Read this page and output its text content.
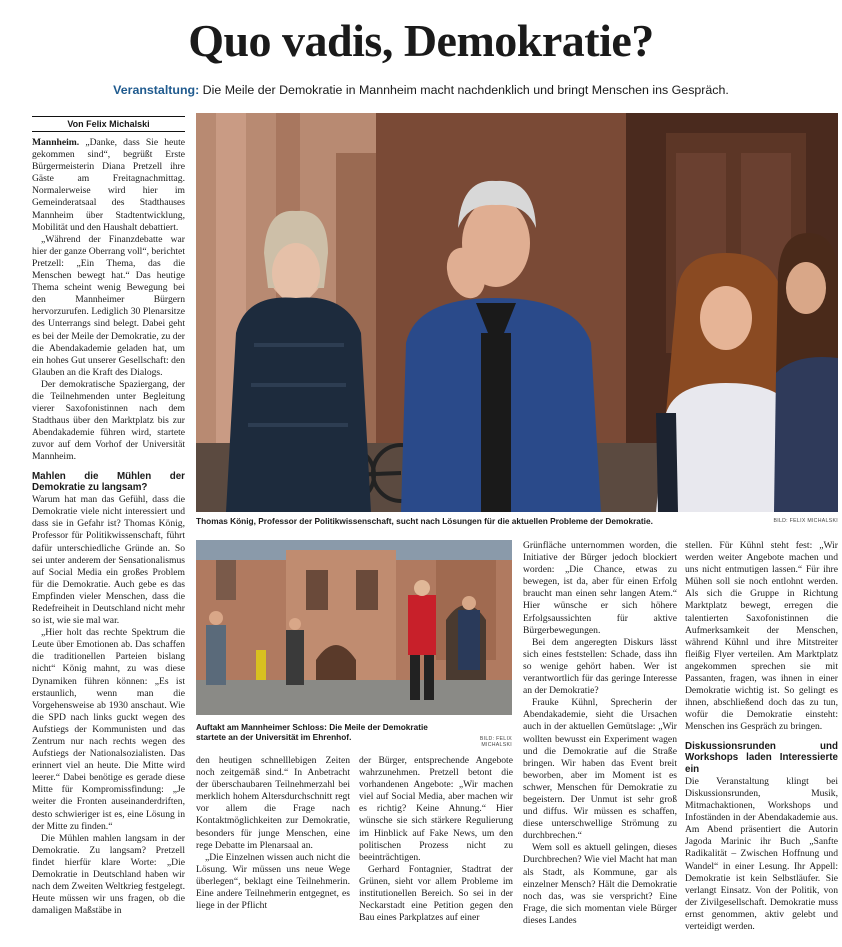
Quo vadis, Demokratie?
Veranstaltung: Die Meile der Demokratie in Mannheim macht nachdenklich und bringt Menschen ins Gespräch.
Von Felix Michalski

Mannheim. „Danke, dass Sie heute gekommen sind“, begrüßt Erste Bürgermeisterin Diana Pretzell ihre Gäste am Freitagnachmittag. Normalerweise wird hier im Gemeinderatsaal des Stadthauses Mannheim über Stadtentwicklung, Mobilität und den Haushalt debattiert.

„Während der Finanzdebatte war hier der ganze Oberrang voll“, berichtet Pretzell: „Ein Thema, das die Menschen bewegt hat.“ Das heutige Thema scheint wenig Bewegung bei den Mannheimer Bürgern hervorzurufen. Lediglich 30 Plenarsitze des Unterrangs sind belegt. Dabei geht es bei der Meile der Demokratie, zu der die Abendakademie geladen hat, um ein hohes Gut unserer Gesellschaft: den Glauben an die Kraft des Dialogs.

Der demokratische Spaziergang, der die Teilnehmenden unter Begleitung vierer Saxofonistinnen nach dem Stadthaus über den Marktplatz bis zur Abendakademie führen wird, startete zuvor auf dem Vorhof der Universität Mannheim.

Mahlen die Mühlen der Demokratie zu langsam?

Warum hat man das Gefühl, dass die Demokratie viele nicht interessiert und dass sie in Gefahr ist? Thomas König, Professor für Politikwissenschaft, führt dafür unterschiedliche Gründe an. So sei unter anderem der Sensationalismus auf Social Media ein großes Problem für die Demokratie. Auch gebe es das Empfinden vieler Menschen, dass die Redefreiheit in Deutschland nicht mehr so ist, wie sie mal war.

„Hier holt das rechte Spektrum die Leute über Emotionen ab. Das schaffen die traditionellen Parteien bislang nicht“ König mahnt, zu was diese Dynamiken führen können: „Es ist erstaunlich, wenn man die Vorgehensweise ab 1930 anschaut. Wie die SPD nach links guckt wegen des Aufstiegs der Kommunisten und das Zentrum nur nach rechts wegen des Aufstiegs der Nationalsozialisten. Das erinnert viel an heute. Die Mitte wird leerer.“ Dabei benötige es gerade diese Mitte für Kompromissfindung: „Je weiter die Fronten auseinanderdriften, desto schwieriger ist es, eine Lösung in der Mitte zu finden.“

Die Mühlen mahlen langsam in der Demokratie. Zu langsam? Pretzell findet hierfür klare Worte: „Die Demokratie in Deutschland haben wir nach dem Zweiten Weltkrieg festgelegt. Heute müssen wir uns fragen, ob die damaligen Maßstäbe in

Thomas König, Professor der Politikwissenschaft, sucht nach Lösungen für die aktuellen Probleme der Demokratie.	BILD: FELIX MICHALSKI
Auftakt am Mannheimer Schloss: Die Meile der Demokratie startete an der Universität im Ehrenhof.	BILD: FELIX MICHALSKI

den heutigen schnelllebigen Zeiten noch zeitgemäß sind.“ In Anbetracht der überschaubaren Teilnehmerzahl bei merklich hohem Altersdurchschnitt regt vor allem die Frage nach Kontaktmöglichkeiten zur Demokratie, besonders für junge Menschen, eine rege Debatte im Plenarsaal an.

„Die Einzelnen wissen auch nicht die Lösung. Wir müssen uns neue Wege überlegen“, beklagt eine Teilnehmerin. Eine andere Teilnehmerin entgegnet, es liege in der Pflicht

der Bürger, entsprechende Angebote wahrzunehmen. Pretzell betont die vorhandenen Angebote: „Wir machen viel auf Social Media, aber machen wir es richtig? Keine Ahnung.“ Hier wünsche sie sich stärkere Regulierung im Hinblick auf Fake News, um den politischen Prozess nicht zu beeinträchtigen.

Gerhard Fontagnier, Stadtrat der Grünen, sieht vor allem Probleme im institutionellen Bereich. So sei in der Neckarstadt eine Petition gegen den Bau eines Parkplatzes auf einer

Grünfläche unternommen worden, die Initiative der Bürger jedoch blockiert worden: „Die Chance, etwas zu bewegen, ist da, aber für einen Erfolg braucht man einen sehr langen Atem.“ Hier wünsche er sich höhere Erfolgsaussichten für aktive Bürgerbewegungen.

Bei dem angeregten Diskurs lässt sich eines feststellen: Schade, dass ihn so wenige gehört haben. Wer ist verantwortlich für das geringe Interesse an der Demokratie?

Frauke Kühnl, Sprecherin der Abendakademie, sieht die Ursachen auch in der aktuellen Gemütslage: „Wir wollten bewusst ein Experiment wagen und die Demokratie auf die Straße bringen. Wir haben das Event breit beworben, aber im Moment ist es schwer, Menschen für Demokratie zu begeistern. Der Unmut ist sehr groß und diffus. Wir müssen es schaffen, diese unterschwellige Strömung zu durchbrechen.“

Wem soll es aktuell gelingen, dieses Durchbrechen? Wie viel Macht hat man als Stadt, als Kommune, gar als einzelner Mensch? Hält die Demokratie noch das, was sie verspricht? Eine Frage, die sich momentan viele Bürger dieses Landes

stellen. Für Kühnl steht fest: „Wir werden weiter Angebote machen und uns nicht entmutigen lassen.“ Für ihre Mühen soll sie noch entlohnt werden. Als sich die Gruppe in Richtung Marktplatz bewegt, erregen die talentierten Saxofonistinnen die Aufmerksamkeit der Menschen, während Kühnl und ihre Mitstreiter fleißig Flyer verteilen. Am Marktplatz angekommen sprechen sie mit Passanten, fragen, was ihnen in einer Demokratie wichtig ist. So gelingt es ihnen, abschließend doch das zu tun, wofür die Demokratie einsteht: Menschen ins Gespräch zu bringen.

Diskussionsrunden und Workshops laden Interessierte ein

Die Veranstaltung klingt bei Diskussionsrunden, Musik, Mitmachaktionen, Workshops und Infoständen in der Abendakademie aus. Am Abend präsentiert die Autorin Jagoda Marinic ihr Buch „Sanfte Radikalität – Zwischen Hoffnung und Wandel“ in einer Lesung. Ihr Appell: Demokratie ist kein Selbstläufer. Sie verlangt Einsatz. Von der Politik, von der Zivilgesellschaft. Demokratie muss ernst genommen, aktiv gelebt und verteidigt werden.
